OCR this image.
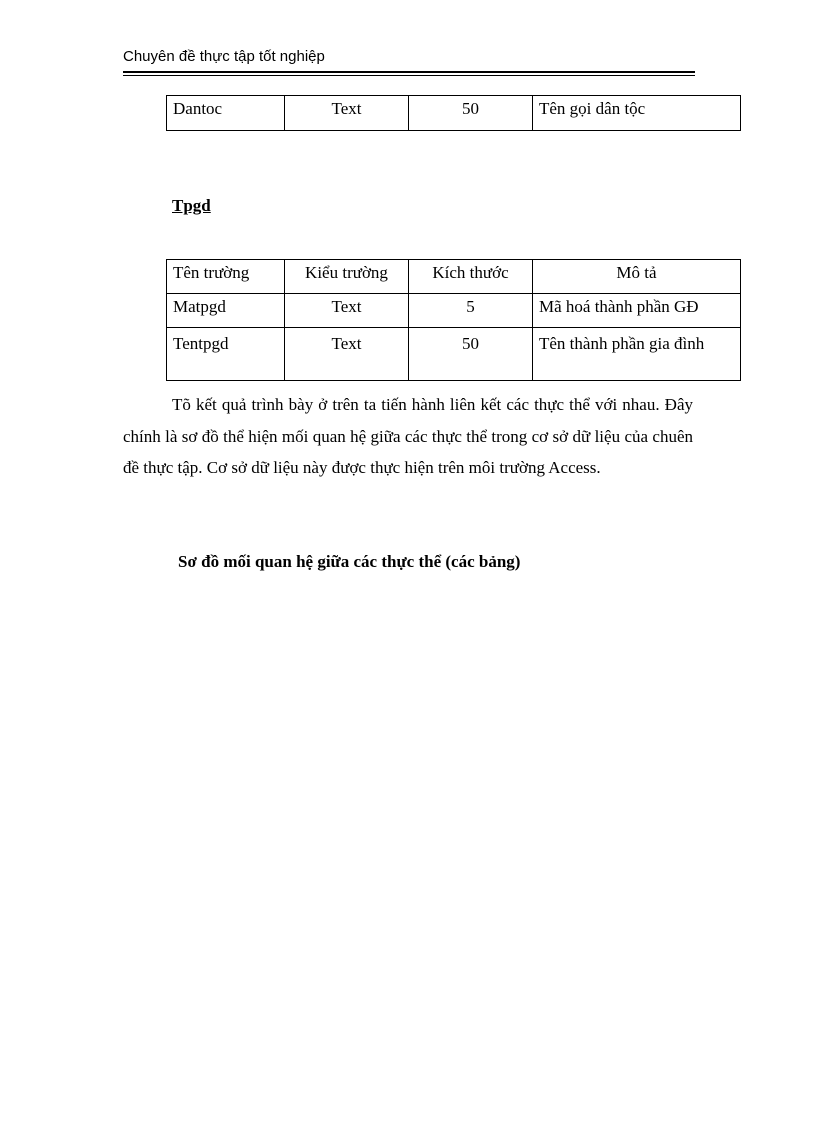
Chuyên đề thực tập tốt nghiệp
Dantoc	Text	50	Tên gọi dân tộc
Tpgd
Tên trường	Kiểu trường	Kích thước	Mô tả
Matpgd	Text	5	Mã hoá thành phần GĐ
Tentpgd	Text	50	Tên thành phần gia đình

Tõ kết quả trình bày ở trên ta tiến hành liên kết các thực thể với nhau. Đây chính là sơ đồ thể hiện mối quan hệ giữa các thực thể trong cơ sở dữ liệu của chuên đề thực tập. Cơ sở dữ liệu này được thực hiện trên môi trường Access.

Sơ đồ mối quan hệ giữa các thực thể (các bảng)
